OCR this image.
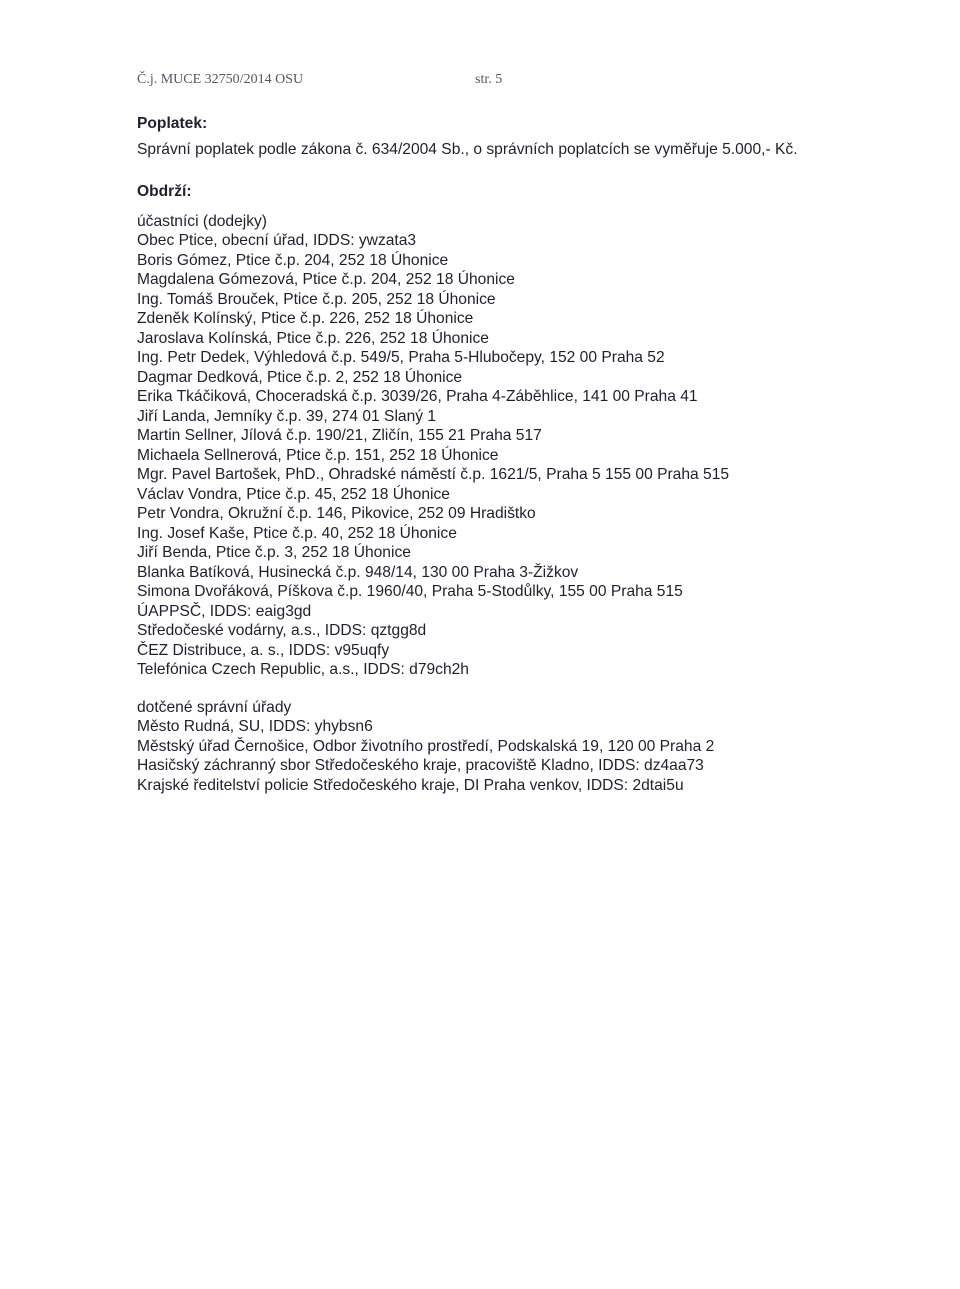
Č.j. MUCE 32750/2014 OSU	str. 5

Poplatek:

Správní poplatek podle zákona č. 634/2004 Sb., o správních poplatcích se vyměřuje 5.000,- Kč.

Obdrží:

účastníci (dodejky)

Obec Ptice, obecní úřad, IDDS: ywzata3
Boris Gómez, Ptice č.p. 204, 252 18 Úhonice
Magdalena Gómezová, Ptice č.p. 204, 252 18 Úhonice
Ing. Tomáš Brouček, Ptice č.p. 205, 252 18 Úhonice
Zdeněk Kolínský, Ptice č.p. 226, 252 18 Úhonice
Jaroslava Kolínská, Ptice č.p. 226, 252 18 Úhonice
Ing. Petr Dedek, Výhledová č.p. 549/5, Praha 5-Hlubočepy, 152 00 Praha 52
Dagmar Dedková, Ptice č.p. 2, 252 18 Úhonice
Erika Tkáčiková, Choceradská č.p. 3039/26, Praha 4-Záběhlice, 141 00 Praha 41
Jiří Landa, Jemníky č.p. 39, 274 01 Slaný 1
Martin Sellner, Jílová č.p. 190/21, Zličín, 155 21 Praha 517
Michaela Sellnerová, Ptice č.p. 151, 252 18 Úhonice
Mgr. Pavel Bartošek, PhD., Ohradské náměstí č.p. 1621/5, Praha 5 155 00 Praha 515
Václav Vondra, Ptice č.p. 45, 252 18 Úhonice
Petr Vondra, Okružní č.p. 146, Pikovice, 252 09 Hradištko
Ing. Josef Kaše, Ptice č.p. 40, 252 18 Úhonice
Jiří Benda, Ptice č.p. 3, 252 18 Úhonice
Blanka Batíková, Husinecká č.p. 948/14, 130 00 Praha 3-Žižkov
Simona Dvořáková, Píškova č.p. 1960/40, Praha 5-Stodůlky, 155 00 Praha 515
ÚAPPSČ, IDDS: eaig3gd
Středočeské vodárny, a.s., IDDS: qztgg8d
ČEZ Distribuce, a. s., IDDS: v95uqfy
Telefónica Czech Republic, a.s., IDDS: d79ch2h

dotčené správní úřady

Město Rudná, SU, IDDS: yhybsn6
Městský úřad Černošice, Odbor životního prostředí, Podskalská 19, 120 00 Praha 2
Hasičský záchranný sbor Středočeského kraje, pracoviště Kladno, IDDS: dz4aa73
Krajské ředitelství policie Středočeského kraje, DI Praha venkov, IDDS: 2dtai5u
